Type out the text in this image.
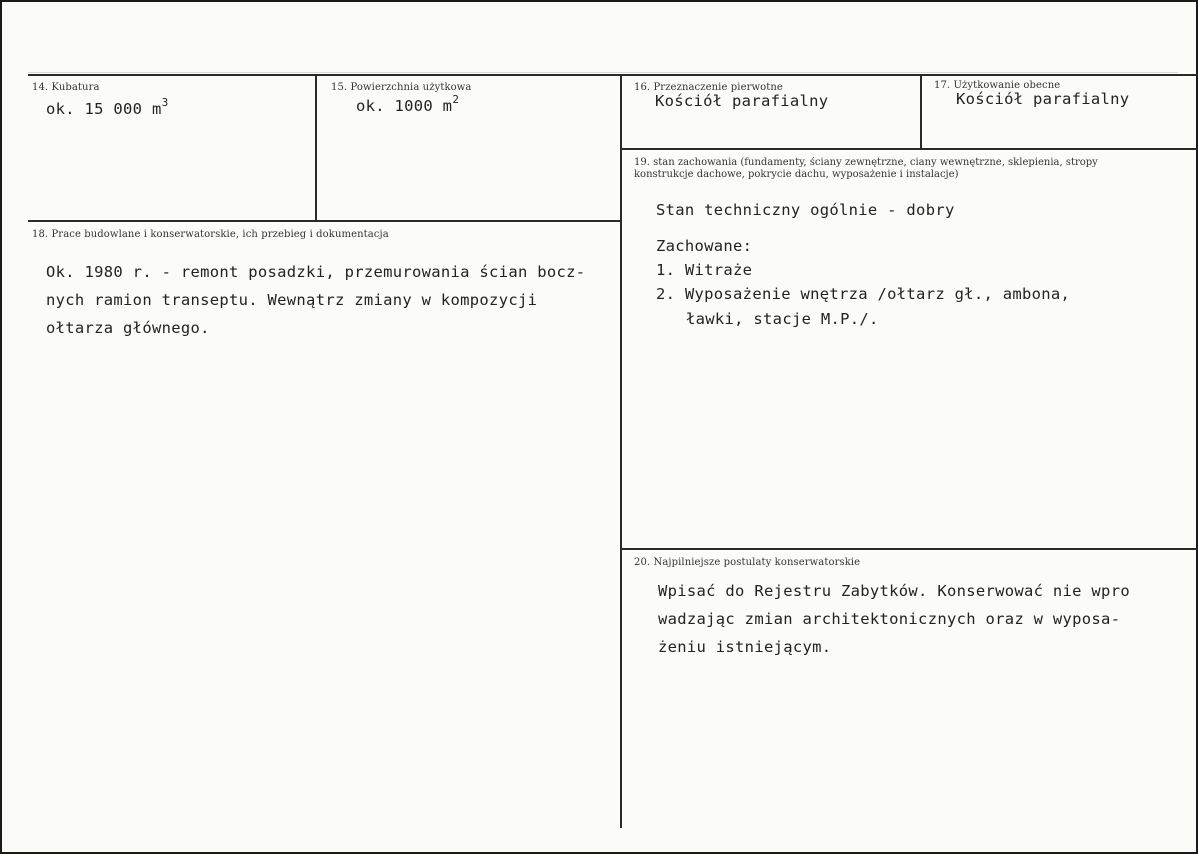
14. Kubatura
ok. 15 000 $m^3$
15. Powierzchnia użytkowa
ok. 1000 $m^2$
16. Przeznaczenie pierwotne
Kościół parafialny
17. Użytkowanie obecne
Kościół parafialny
18. Prace budowlane i konserwatorskie, ich przebieg i dokumentacja
Ok. 1980 r. - remont posadzki, przemurowania ścian bocz-
nych ramion transeptu. Wewnątrz zmiany w kompozycji
ołtarza głównego.
19. stan zachowania (fundamenty, ściany zewnętrzne, ciany wewnętrzne, sklepienia, stropy
konstrukcje dachowe, pokrycie dachu, wyposażenie i instalacje)
Stan techniczny ogólnie - dobry
Zachowane:
1. Witraże
2. Wyposażenie wnętrza /ołtarz gł., ambona,
ławki, stacje M.P./.
20. Najpilniejsze postulaty konserwatorskie
Wpisać do Rejestru Zabytków. Konserwować nie wpro
wadzając zmian architektonicznych oraz w wyposa-
żeniu istniejącym.
